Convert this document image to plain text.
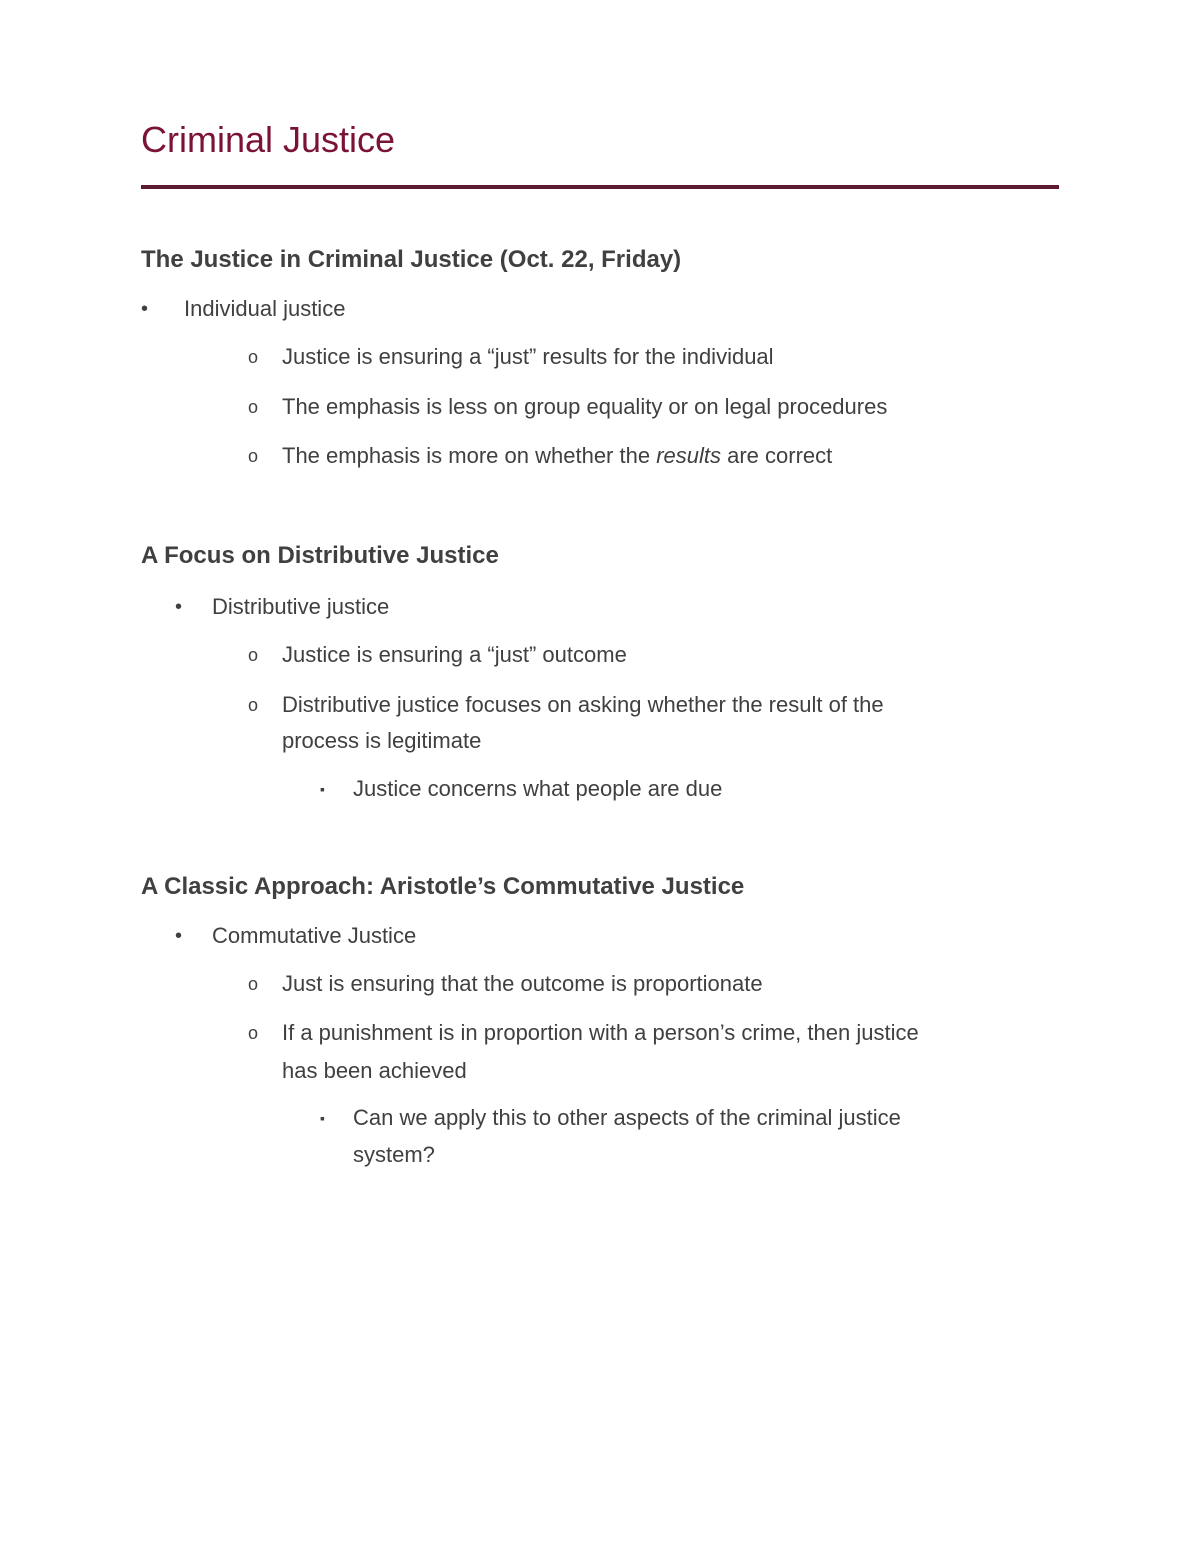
Criminal Justice
The Justice in Criminal Justice (Oct. 22, Friday)
• Individual justice
o Justice is ensuring a “just” results for the individual
o The emphasis is less on group equality or on legal procedures
o The emphasis is more on whether the results are correct
A Focus on Distributive Justice
• Distributive justice
o Justice is ensuring a “just” outcome
o Distributive justice focuses on asking whether the result of the
process is legitimate
▪ Justice concerns what people are due
A Classic Approach: Aristotle’s Commutative Justice
• Commutative Justice
o Just is ensuring that the outcome is proportionate
o If a punishment is in proportion with a person’s crime, then justice
has been achieved
▪ Can we apply this to other aspects of the criminal justice
system?
